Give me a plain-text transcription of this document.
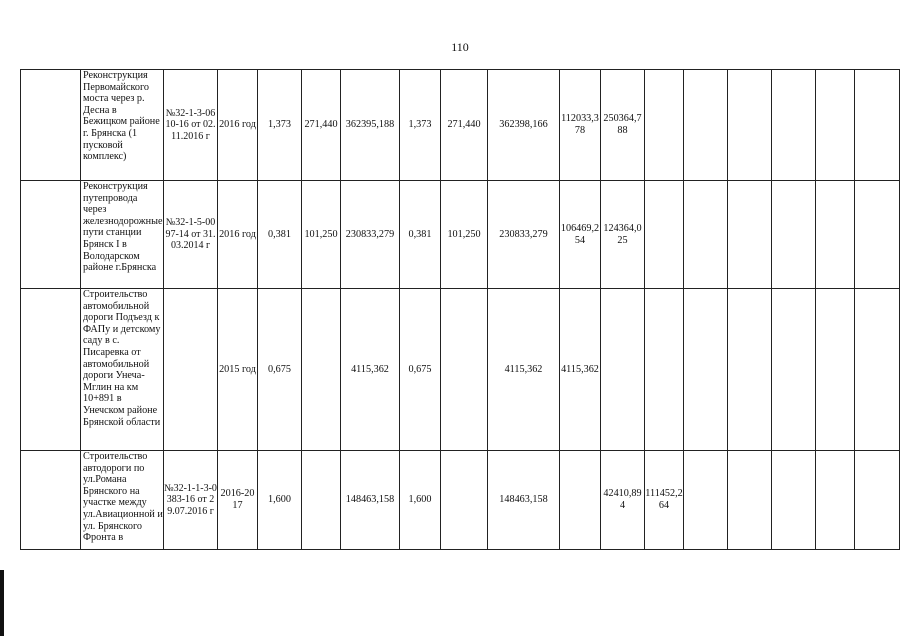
110
	Реконструкция Первомайского моста через р. Десна в Бежицком районе г. Брянска (1 пусковой комплекс)	№32-1-3-0610-16 от 02.11.2016 г	2016 год	1,373	271,440	362395,188	1,373	271,440	362398,166	112033,378	250364,788						
	Реконструкция путепровода через железнодорожные пути станции Брянск I в Володарском районе г.Брянска	№32-1-5-0097-14 от 31.03.2014 г	2016 год	0,381	101,250	230833,279	0,381	101,250	230833,279	106469,254	124364,025						
	Строительство автомобильной дороги Подъезд к ФАПу и детскому саду в с. Писаревка от автомобильной дороги Унеча-Мглин на км 10+891 в Унечском районе Брянской области		2015 год	0,675		4115,362	0,675		4115,362	4115,362							
	Строительство автодороги по ул.Романа Брянского на участке между ул.Авиационной и ул. Брянского Фронта в	№32-1-1-3-0383-16 от 29.07.2016 г	2016-2017	1,600		148463,158	1,600		148463,158		42410,894	111452,264					
